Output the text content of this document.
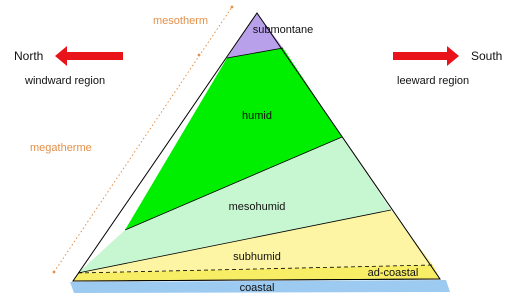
submontane
humid
mesohumid
subhumid
ad-coastal
coastal
mesotherm
megatherme
North
windward region
South
leeward region
